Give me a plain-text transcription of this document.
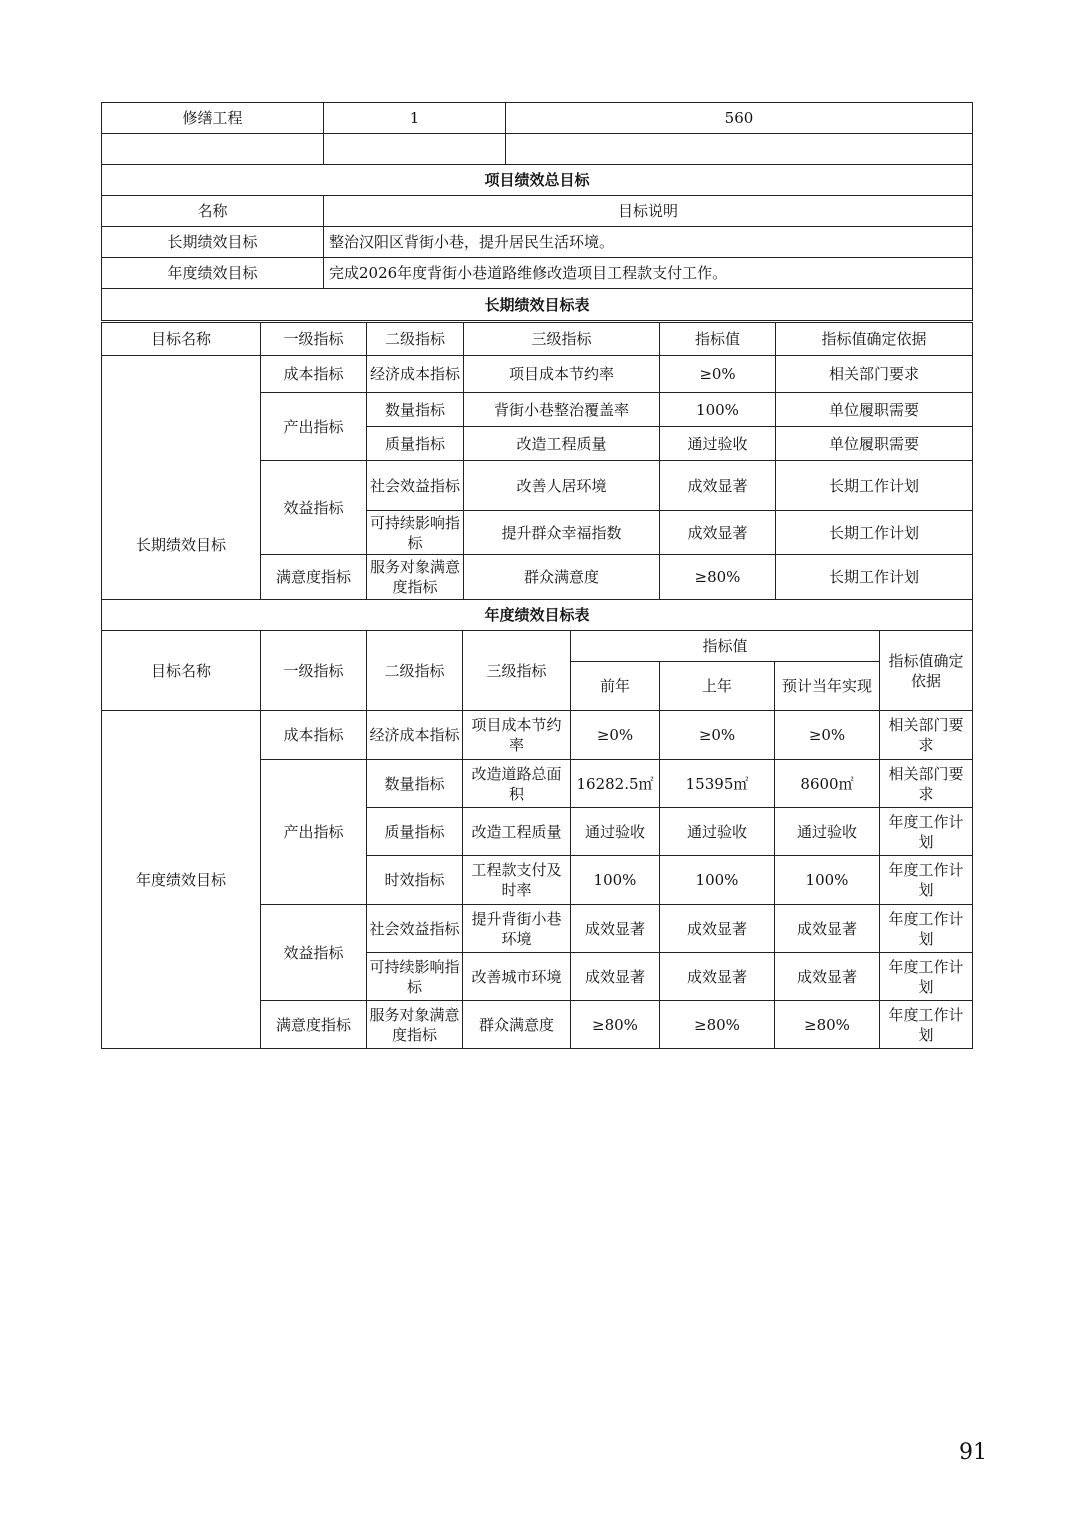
修缮工程	1	560

项目绩效总目标		
名称	目标说明	
长期绩效目标	整治汉阳区背街小巷，提升居民生活环境。	
年度绩效目标	完成2026年度背街小巷道路维修改造项目工程款支付工作。	
长期绩效目标表		
目标名称	一级指标	二级指标	三级指标	指标值	指标值确定依据
长期绩效目标	成本指标	经济成本指标	项目成本节约率	≥0%	相关部门要求
	产出指标	数量指标	背街小巷整治覆盖率	100%	单位履职需要
		质量指标	改造工程质量	通过验收	单位履职需要
	效益指标	社会效益指标	改善人居环境	成效显著	长期工作计划
		可持续影响指标	提升群众幸福指数	成效显著	长期工作计划
	满意度指标	服务对象满意度指标	群众满意度	≥80%	长期工作计划
年度绩效目标表					
目标名称	一级指标	二级指标	三级指标	指标值			指标值确定依据
				前年	上年	预计当年实现	
年度绩效目标	成本指标	经济成本指标	项目成本节约率	≥0%	≥0%	≥0%	相关部门要求
	产出指标	数量指标	改造道路总面积	16282.5㎡	15395㎡	8600㎡	相关部门要求
		质量指标	改造工程质量	通过验收	通过验收	通过验收	年度工作计划
		时效指标	工程款支付及时率	100%	100%	100%	年度工作计划
	效益指标	社会效益指标	提升背街小巷环境	成效显著	成效显著	成效显著	年度工作计划
		可持续影响指标	改善城市环境	成效显著	成效显著	成效显著	年度工作计划
	满意度指标	服务对象满意度指标	群众满意度	≥80%	≥80%	≥80%	年度工作计划
91
